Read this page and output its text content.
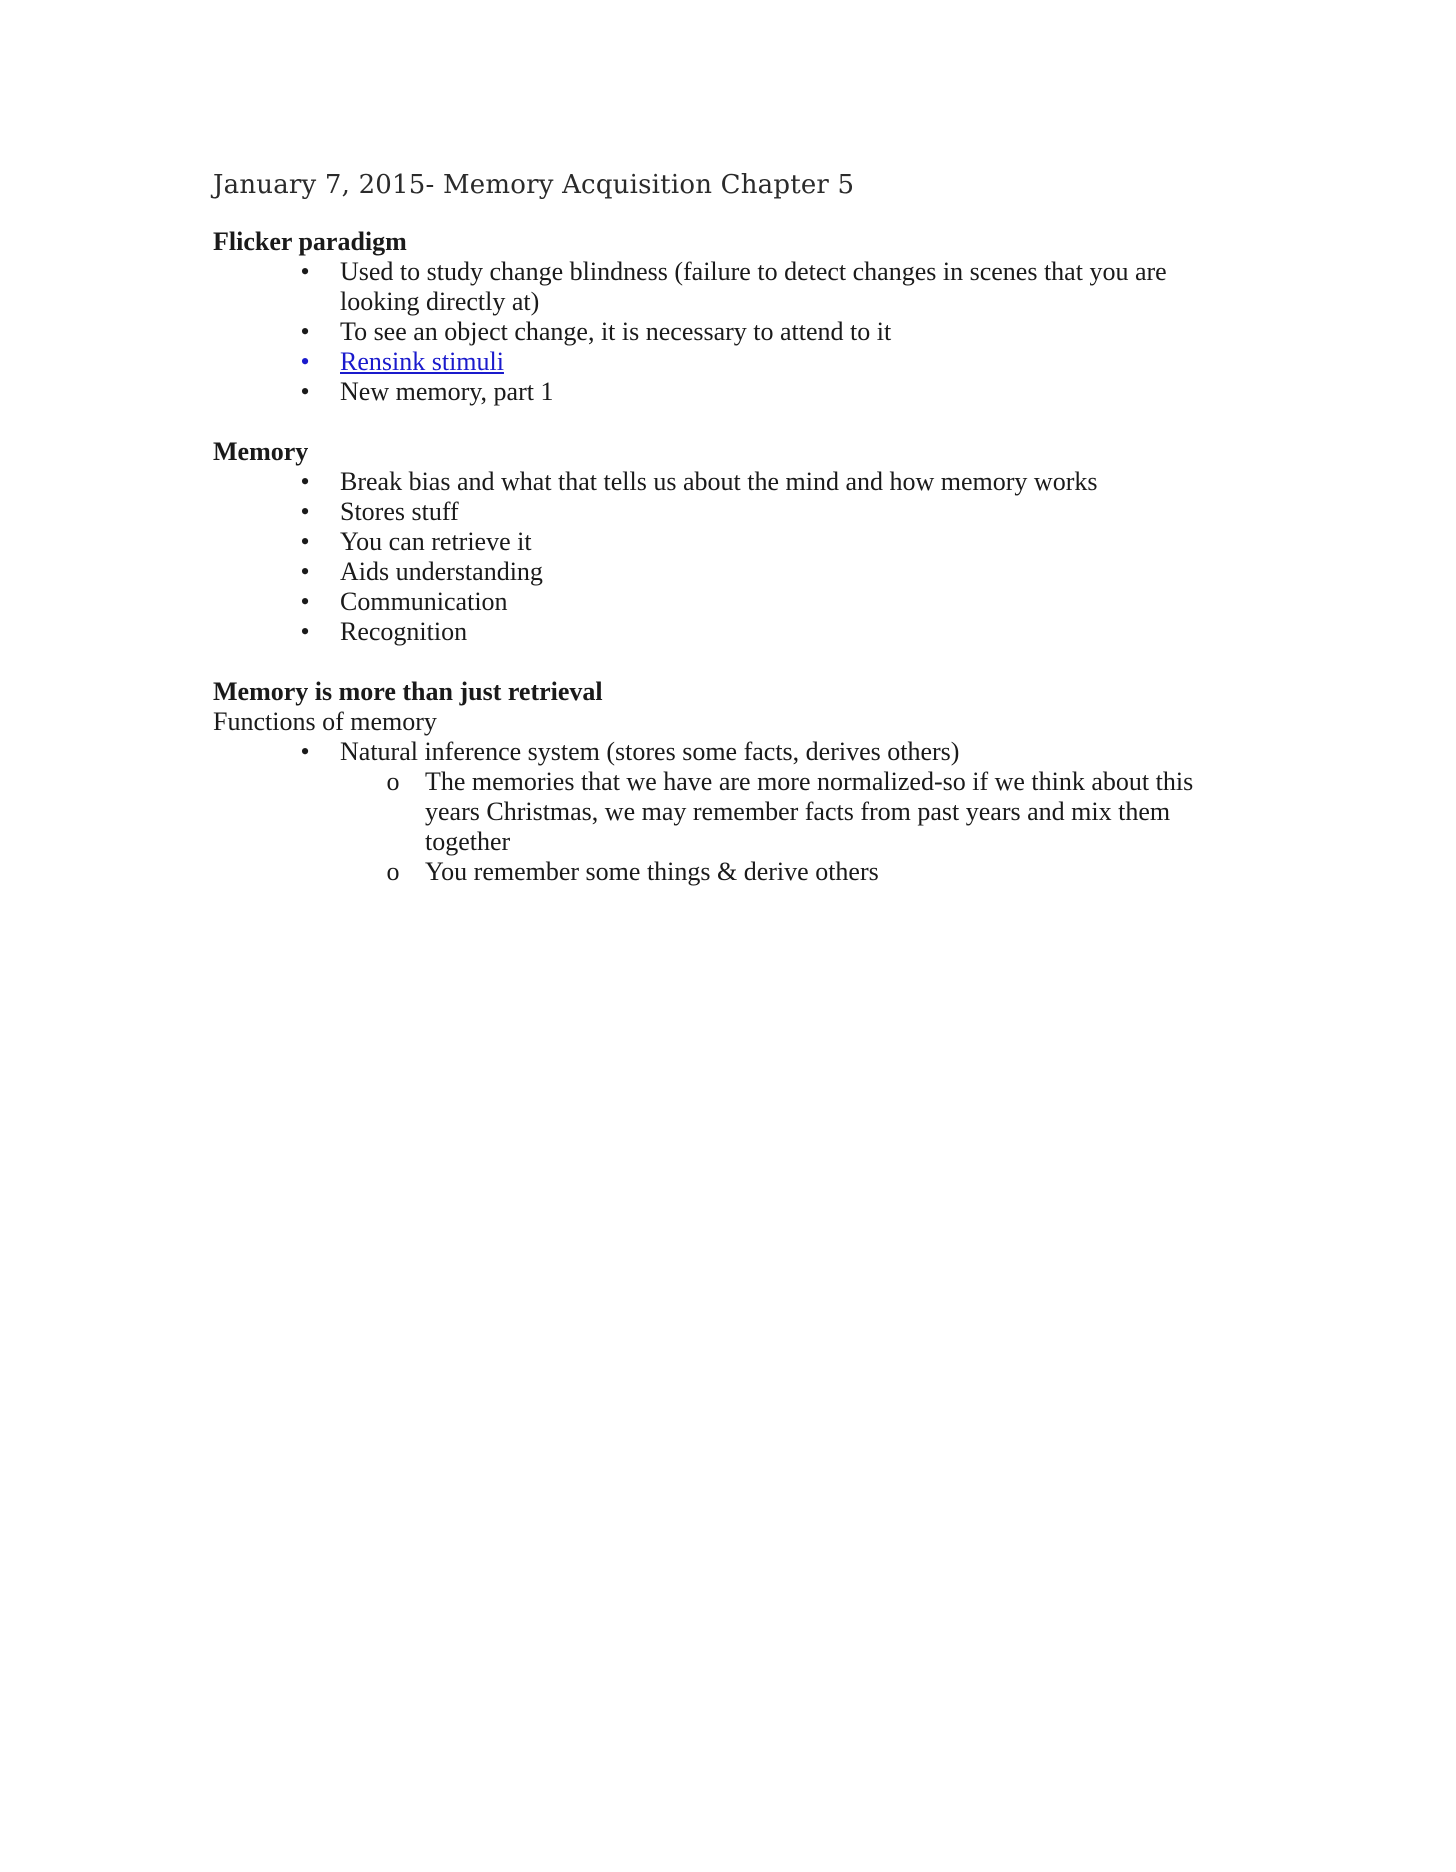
January 7, 2015- Memory Acquisition Chapter 5
Flicker paradigm
• Used to study change blindness (failure to detect changes in scenes that you are looking directly at)
• To see an object change, it is necessary to attend to it
• Rensink stimuli
• New memory, part 1
Memory
• Break bias and what that tells us about the mind and how memory works
• Stores stuff
• You can retrieve it
• Aids understanding
• Communication
• Recognition
Memory is more than just retrieval
Functions of memory
• Natural inference system (stores some facts, derives others)
o The memories that we have are more normalized-so if we think about this years Christmas, we may remember facts from past years and mix them together
o You remember some things & derive others
